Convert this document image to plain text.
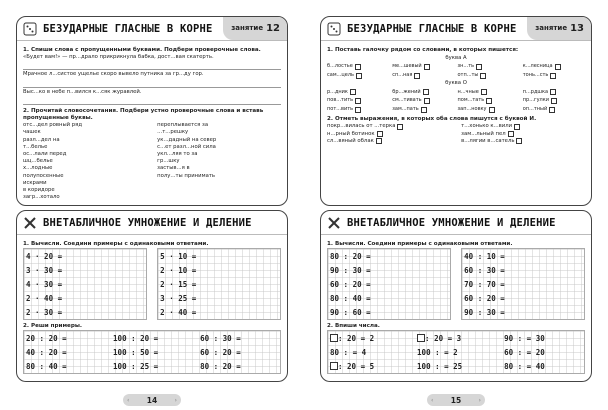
БЕЗУДАРНЫЕ ГЛАСНЫЕ В КОРНЕ	занятие 12
1. Спиши слова с пропущенными буквами. Подбери проверочные слова.
«Будет вам!» — пр...драло прикрикнула бабка, дост...вая скатерть.
Мрачное л...систое ущелье скоро вывело путника за гр...ду гор.
Выс...ко в небе п...вился к...сяк журавлей.
2. Прочитай словосочетания. Подбери устно проверочные слова и вставь пропущенные буквы.
отс...дел ровный ряд чашек
разл...дел на т...белье
ос...лали перед шц...белье
х...лодные полупосенные искрами
в коридоре загр...хотало
переплывается за ...т...решку
ук...дадный на север
с...ет разл...ной сила
укл...ляя то за гр...шку
застыв...я в полу...ты принимать
ВНЕТАБЛИЧНОЕ УМНОЖЕНИЕ И ДЕЛЕНИЕ
1. Вычисли. Соедини примеры с одинаковыми ответами.
4 · 20 =
3 · 30 =
4 · 30 =
2 · 40 =
2 · 30 =
5 · 10 =
2 · 10 =
2 · 15 =
3 · 25 =
2 · 40 =
2. Реши примеры.
20 : 20 =	100 : 20 =	60 : 30 =
40 : 20 =	100 : 50 =	60 : 20 =
80 : 40 =	100 : 25 =	80 : 20 =
‹ 14	›
БЕЗУДАРНЫЕ ГЛАСНЫЕ В КОРНЕ	занятие 13
1. Поставь галочку рядом со словами, в которых пишется:
буква А
б...лостье	ме...шевый	зн...ть	к...лесница
сам...цель	сп...ная	отп...ты	тонь...сть
буква О
р...дник	бр...жений	н...чные	п...рдшка
пов...тить	см...тивать	пом...тать	пр...гулки
пот...вить	зам...пать	зап...новку	оп...тный
2. Отметь выражения, в которых оба слова пишутся с буквой И.
покр...вилась от ...терка
н...рный ботинок
сл...вяный облак
т...хонько к...вили
зам...льный пел
в...лягии в...сатель
ВНЕТАБЛИЧНОЕ УМНОЖЕНИЕ И ДЕЛЕНИЕ
1. Вычисли. Соедини примеры с одинаковыми ответами.
80 : 20 =
90 : 30 =
60 : 20 =
80 : 40 =
90 : 60 =
40 : 10 =
60 : 30 =
70 : 70 =
60 : 20 =
90 : 30 =
2. Впиши числа.
: 20 = 2	: 20 = 3	90 : = 30
80 : = 4	100 : = 2	60 : = 20
: 20 = 5	100 : = 25	80 : = 40
‹ 15	›
